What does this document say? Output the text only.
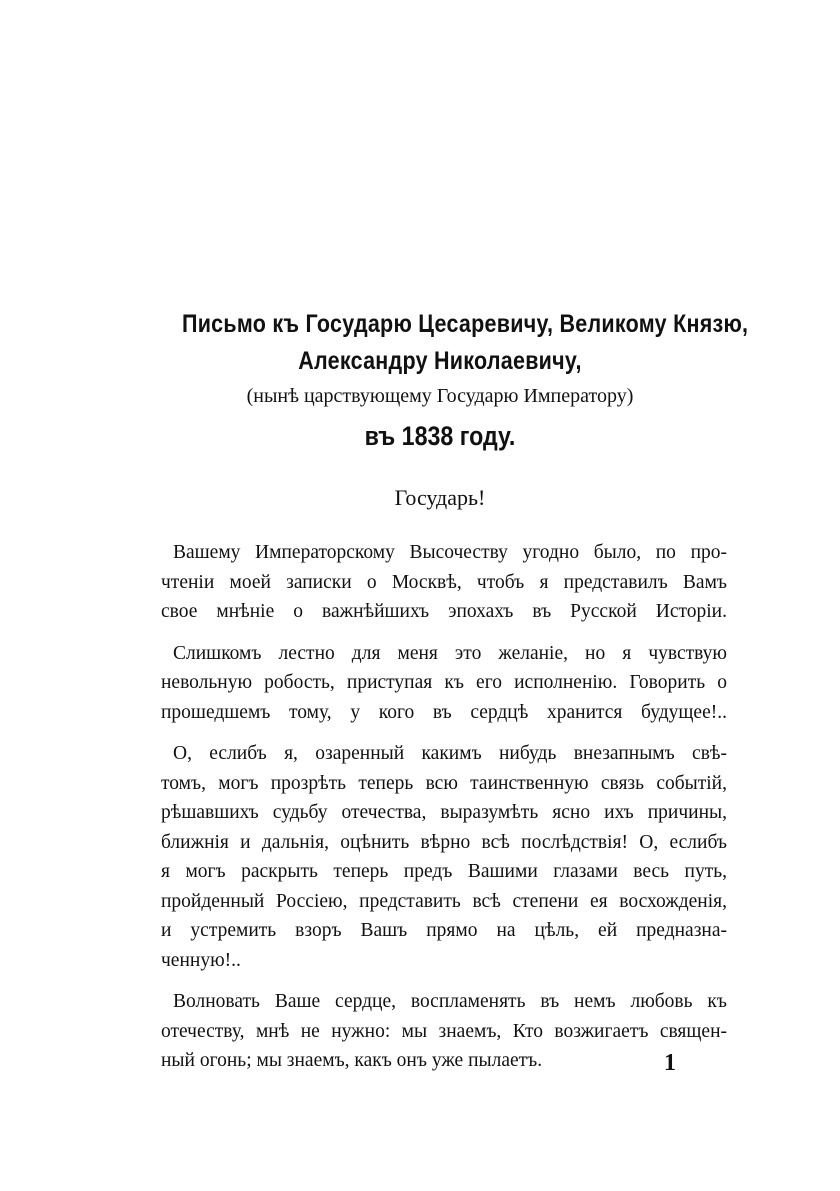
Письмо къ Государю Цесаревичу, Великому Князю,
Александру Николаевичу,
(нынѣ царствующему Государю Императору)
въ 1838 году.
Государь!
Вашему Императорскому Высочеству угодно было, по про-
чтеніи моей записки о Москвѣ, чтобъ я представилъ Вамъ
свое мнѣніе о важнѣйшихъ эпохахъ въ Русской Исторіи.
Слишкомъ лестно для меня это желаніе, но я чувствую
невольную робость, приступая къ его исполненію. Говорить о
прошедшемъ тому, у кого въ сердцѣ хранится будущее!..
О, еслибъ я, озаренный какимъ нибудь внезапнымъ свѣ-
томъ, могъ прозрѣть теперь всю таинственную связь событій,
рѣшавшихъ судьбу отечества, выразумѣть ясно ихъ причины,
ближнія и дальнія, оцѣнить вѣрно всѣ послѣдствія! О, еслибъ
я могъ раскрыть теперь предъ Вашими глазами весь путь,
пройденный Россіею, представить всѣ степени ея восхожденія,
и устремить взоръ Вашъ прямо на цѣль, ей предназна-
ченную!..
Волновать Ваше сердце, воспламенять въ немъ любовь къ
отечеству, мнѣ не нужно: мы знаемъ, Кто возжигаетъ священ-
ный огонь; мы знаемъ, какъ онъ уже пылаетъ.	1
